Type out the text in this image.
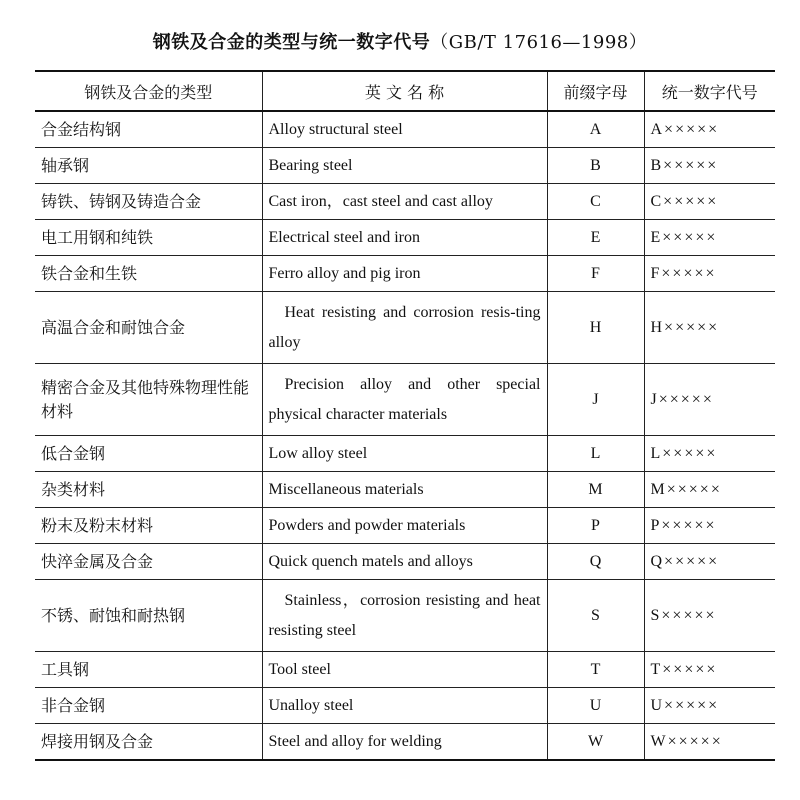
钢铁及合金的类型与统一数字代号（GB/T 17616—1998）
钢铁及合金的类型	英 文 名 称	前缀字母	统一数字代号
合金结构钢	Alloy structural steel	A	A×××××
轴承钢	Bearing steel	B	B×××××
铸铁、铸钢及铸造合金	Cast iron，cast steel and cast alloy	C	C×××××
电工用钢和纯铁	Electrical steel and iron	E	E×××××
铁合金和生铁	Ferro alloy and pig iron	F	F×××××
高温合金和耐蚀合金	Heat resisting and corrosion resis-ting alloy	H	H×××××
精密合金及其他特殊物理性能材料	Precision alloy and other special physical character materials	J	J×××××
低合金钢	Low alloy steel	L	L×××××
杂类材料	Miscellaneous materials	M	M×××××
粉末及粉末材料	Powders and powder materials	P	P×××××
快淬金属及合金	Quick quench matels and alloys	Q	Q×××××
不锈、耐蚀和耐热钢	Stainless，corrosion resisting and heat resisting steel	S	S×××××
工具钢	Tool steel	T	T×××××
非合金钢	Unalloy steel	U	U×××××
焊接用钢及合金	Steel and alloy for welding	W	W×××××
